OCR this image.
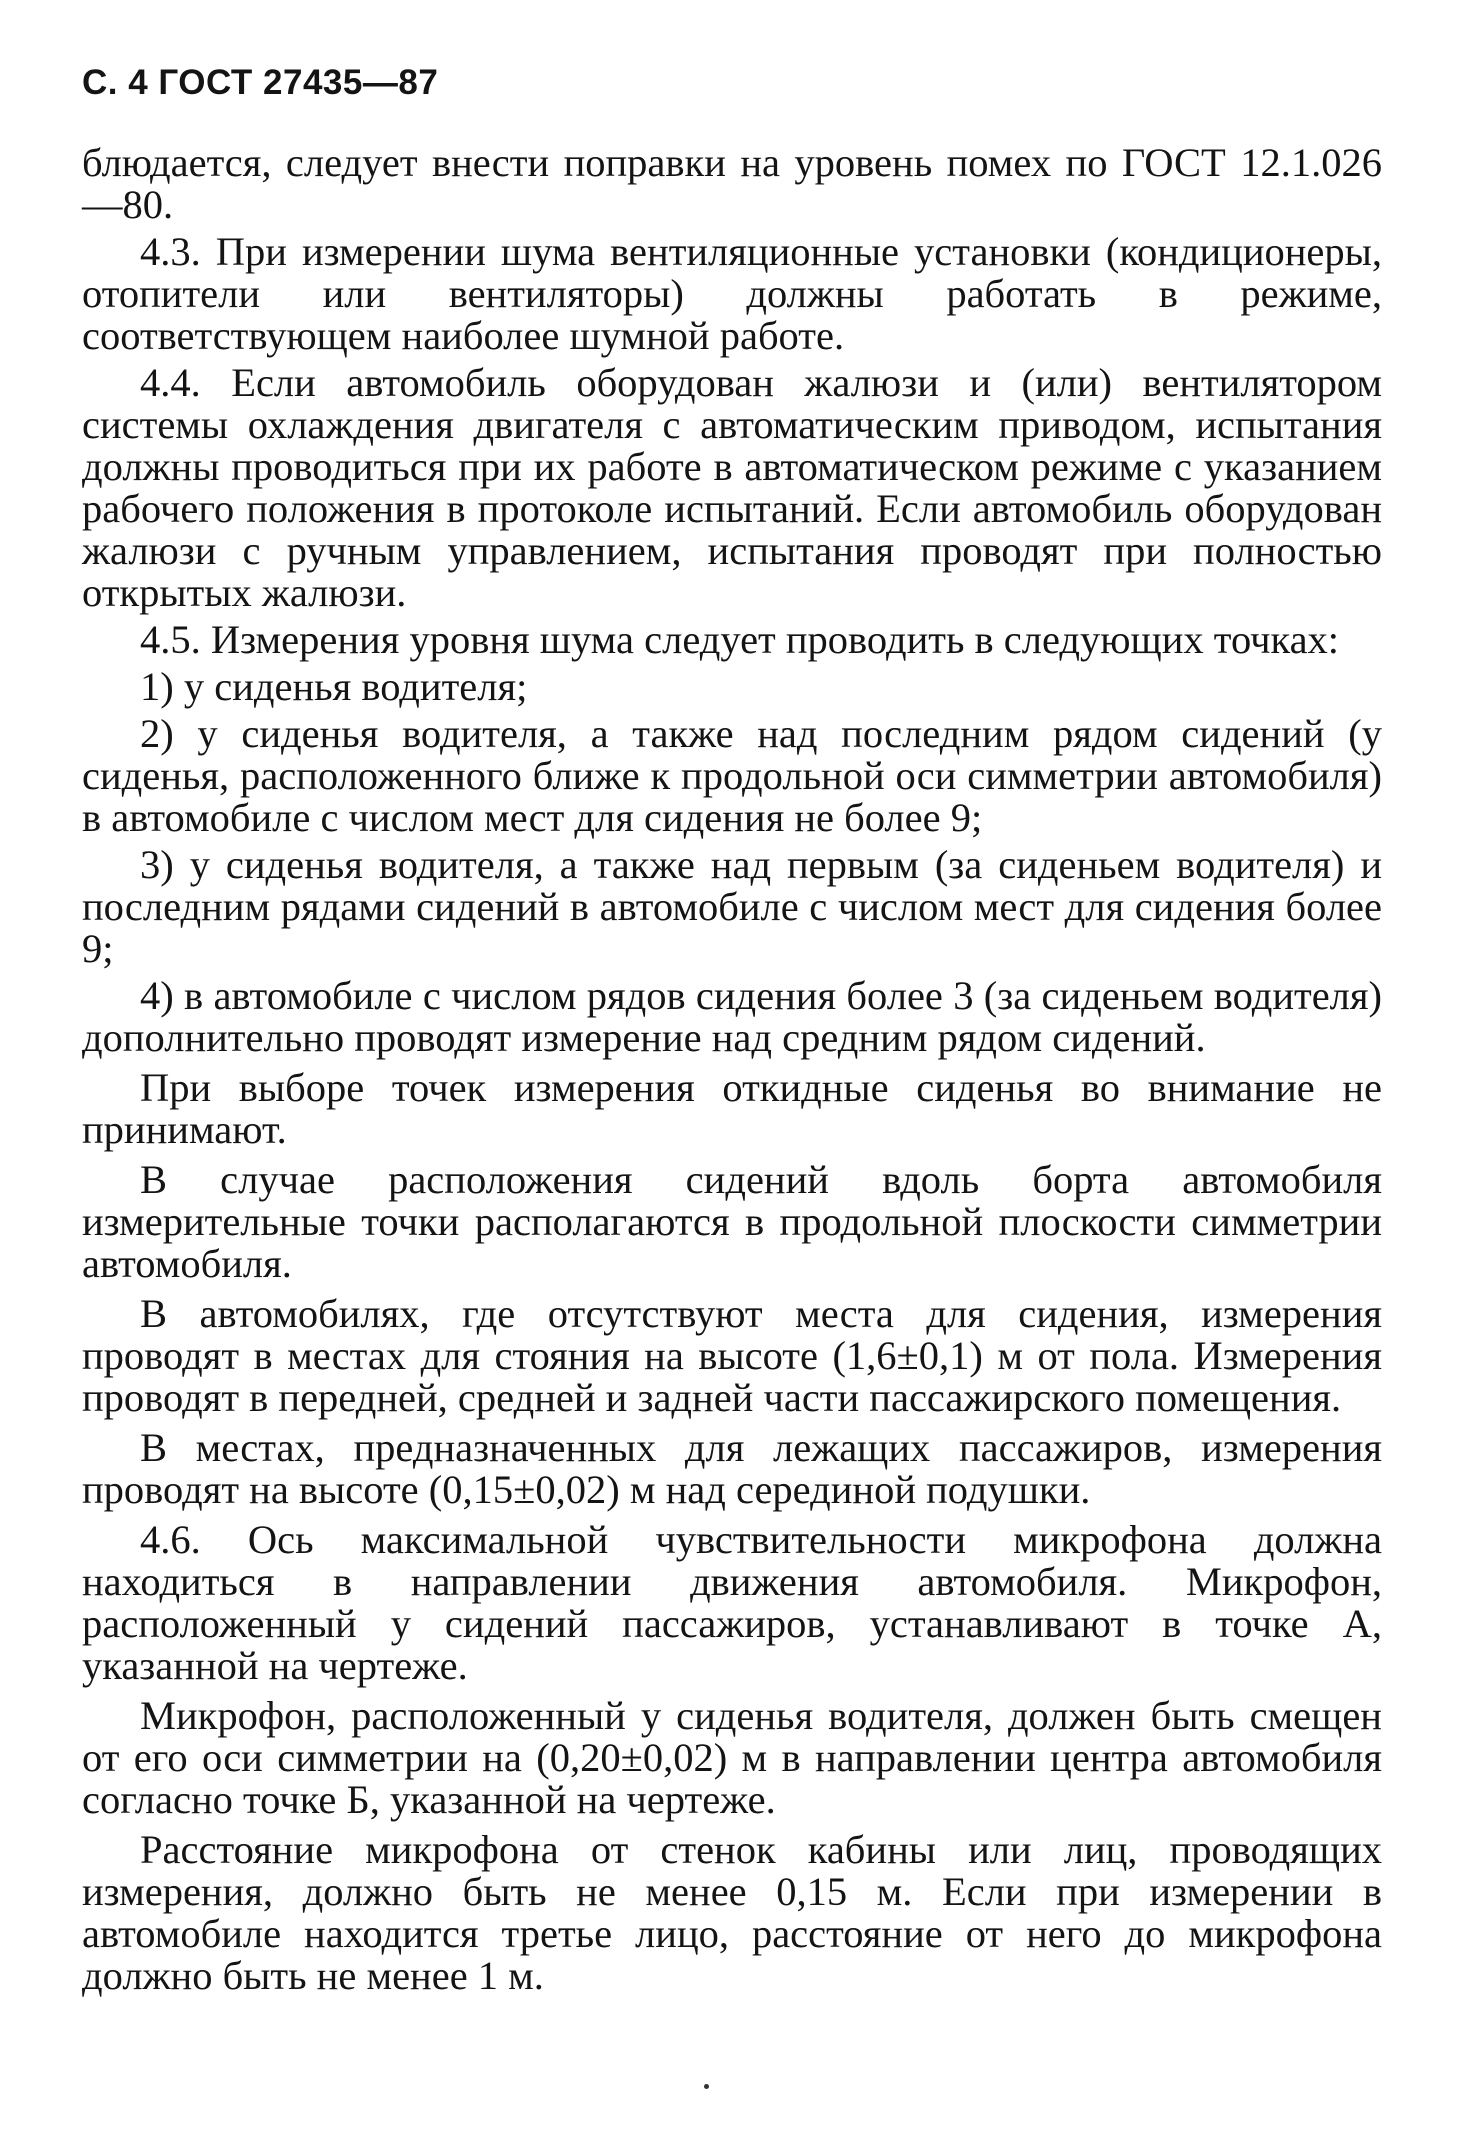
С. 4 ГОСТ 27435—87

блюдается, следует внести поправки на уровень помех по ГОСТ 12.1.026—80.

4.3. При измерении шума вентиляционные установки (кондиционеры, отопители или вентиляторы) должны работать в режиме, соответствующем наиболее шумной работе.

4.4. Если автомобиль оборудован жалюзи и (или) вентилятором системы охлаждения двигателя с автоматическим приводом, испытания должны проводиться при их работе в автоматическом режиме с указанием рабочего положения в протоколе испытаний. Если автомобиль оборудован жалюзи с ручным управлением, испытания проводят при полностью открытых жалюзи.

4.5. Измерения уровня шума следует проводить в следующих точках:

1) у сиденья водителя;

2) у сиденья водителя, а также над последним рядом сидений (у сиденья, расположенного ближе к продольной оси симметрии автомобиля) в автомобиле с числом мест для сидения не более 9;

3) у сиденья водителя, а также над первым (за сиденьем водителя) и последним рядами сидений в автомобиле с числом мест для сидения более 9;

4) в автомобиле с числом рядов сидения более 3 (за сиденьем водителя) дополнительно проводят измерение над средним рядом сидений.

При выборе точек измерения откидные сиденья во внимание не принимают.

В случае расположения сидений вдоль борта автомобиля измерительные точки располагаются в продольной плоскости симметрии автомобиля.

В автомобилях, где отсутствуют места для сидения, измерения проводят в местах для стояния на высоте (1,6±0,1) м от пола. Измерения проводят в передней, средней и задней части пассажирского помещения.

В местах, предназначенных для лежащих пассажиров, измерения проводят на высоте (0,15±0,02) м над серединой подушки.

4.6. Ось максимальной чувствительности микрофона должна находиться в направлении движения автомобиля. Микрофон, расположенный у сидений пассажиров, устанавливают в точке А, указанной на чертеже.

Микрофон, расположенный у сиденья водителя, должен быть смещен от его оси симметрии на (0,20±0,02) м в направлении центра автомобиля согласно точке Б, указанной на чертеже.

Расстояние микрофона от стенок кабины или лиц, проводящих измерения, должно быть не менее 0,15 м. Если при измерении в автомобиле находится третье лицо, расстояние от него до микрофона должно быть не менее 1 м.
